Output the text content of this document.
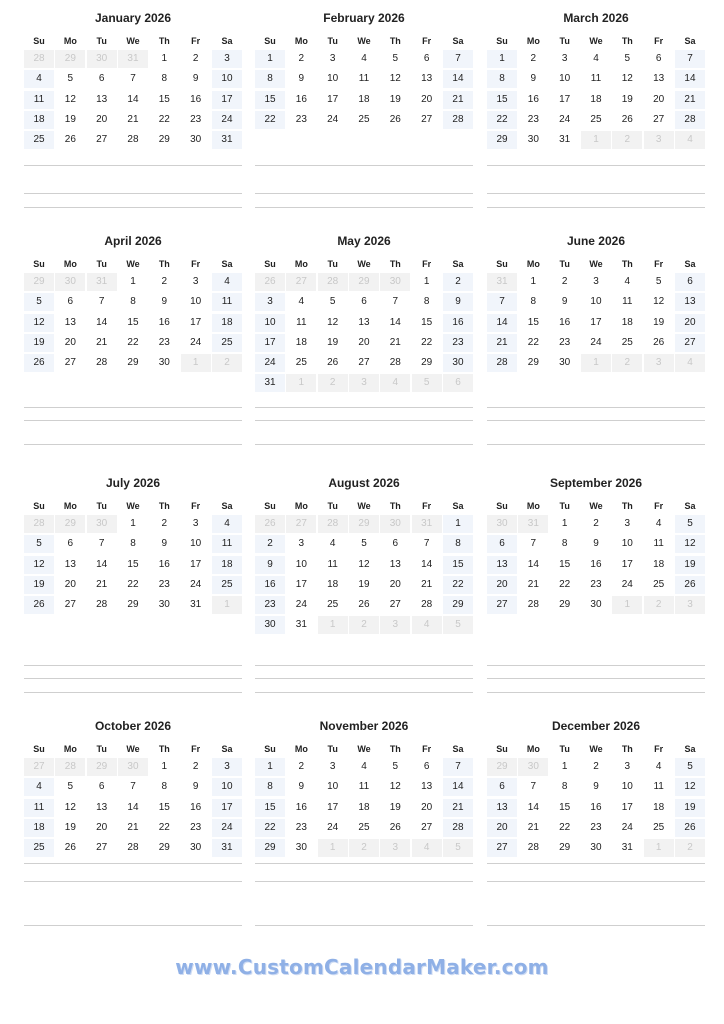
January 2026
Su	Mo	Tu	We	Th	Fr	Sa
28	29	30	31	1	2	3
4	5	6	7	8	9	10
11	12	13	14	15	16	17
18	19	20	21	22	23	24
25	26	27	28	29	30	31
February 2026
Su	Mo	Tu	We	Th	Fr	Sa
1	2	3	4	5	6	7
8	9	10	11	12	13	14
15	16	17	18	19	20	21
22	23	24	25	26	27	28
March 2026
Su	Mo	Tu	We	Th	Fr	Sa
1	2	3	4	5	6	7
8	9	10	11	12	13	14
15	16	17	18	19	20	21
22	23	24	25	26	27	28
29	30	31	1	2	3	4
April 2026
Su	Mo	Tu	We	Th	Fr	Sa
29	30	31	1	2	3	4
5	6	7	8	9	10	11
12	13	14	15	16	17	18
19	20	21	22	23	24	25
26	27	28	29	30	1	2
May 2026
Su	Mo	Tu	We	Th	Fr	Sa
26	27	28	29	30	1	2
3	4	5	6	7	8	9
10	11	12	13	14	15	16
17	18	19	20	21	22	23
24	25	26	27	28	29	30
31	1	2	3	4	5	6
June 2026
Su	Mo	Tu	We	Th	Fr	Sa
31	1	2	3	4	5	6
7	8	9	10	11	12	13
14	15	16	17	18	19	20
21	22	23	24	25	26	27
28	29	30	1	2	3	4
July 2026
Su	Mo	Tu	We	Th	Fr	Sa
28	29	30	1	2	3	4
5	6	7	8	9	10	11
12	13	14	15	16	17	18
19	20	21	22	23	24	25
26	27	28	29	30	31	1
August 2026
Su	Mo	Tu	We	Th	Fr	Sa
26	27	28	29	30	31	1
2	3	4	5	6	7	8
9	10	11	12	13	14	15
16	17	18	19	20	21	22
23	24	25	26	27	28	29
30	31	1	2	3	4	5
September 2026
Su	Mo	Tu	We	Th	Fr	Sa
30	31	1	2	3	4	5
6	7	8	9	10	11	12
13	14	15	16	17	18	19
20	21	22	23	24	25	26
27	28	29	30	1	2	3
October 2026
Su	Mo	Tu	We	Th	Fr	Sa
27	28	29	30	1	2	3
4	5	6	7	8	9	10
11	12	13	14	15	16	17
18	19	20	21	22	23	24
25	26	27	28	29	30	31
November 2026
Su	Mo	Tu	We	Th	Fr	Sa
1	2	3	4	5	6	7
8	9	10	11	12	13	14
15	16	17	18	19	20	21
22	23	24	25	26	27	28
29	30	1	2	3	4	5
December 2026
Su	Mo	Tu	We	Th	Fr	Sa
29	30	1	2	3	4	5
6	7	8	9	10	11	12
13	14	15	16	17	18	19
20	21	22	23	24	25	26
27	28	29	30	31	1	2
www.CustomCalendarMaker.com
